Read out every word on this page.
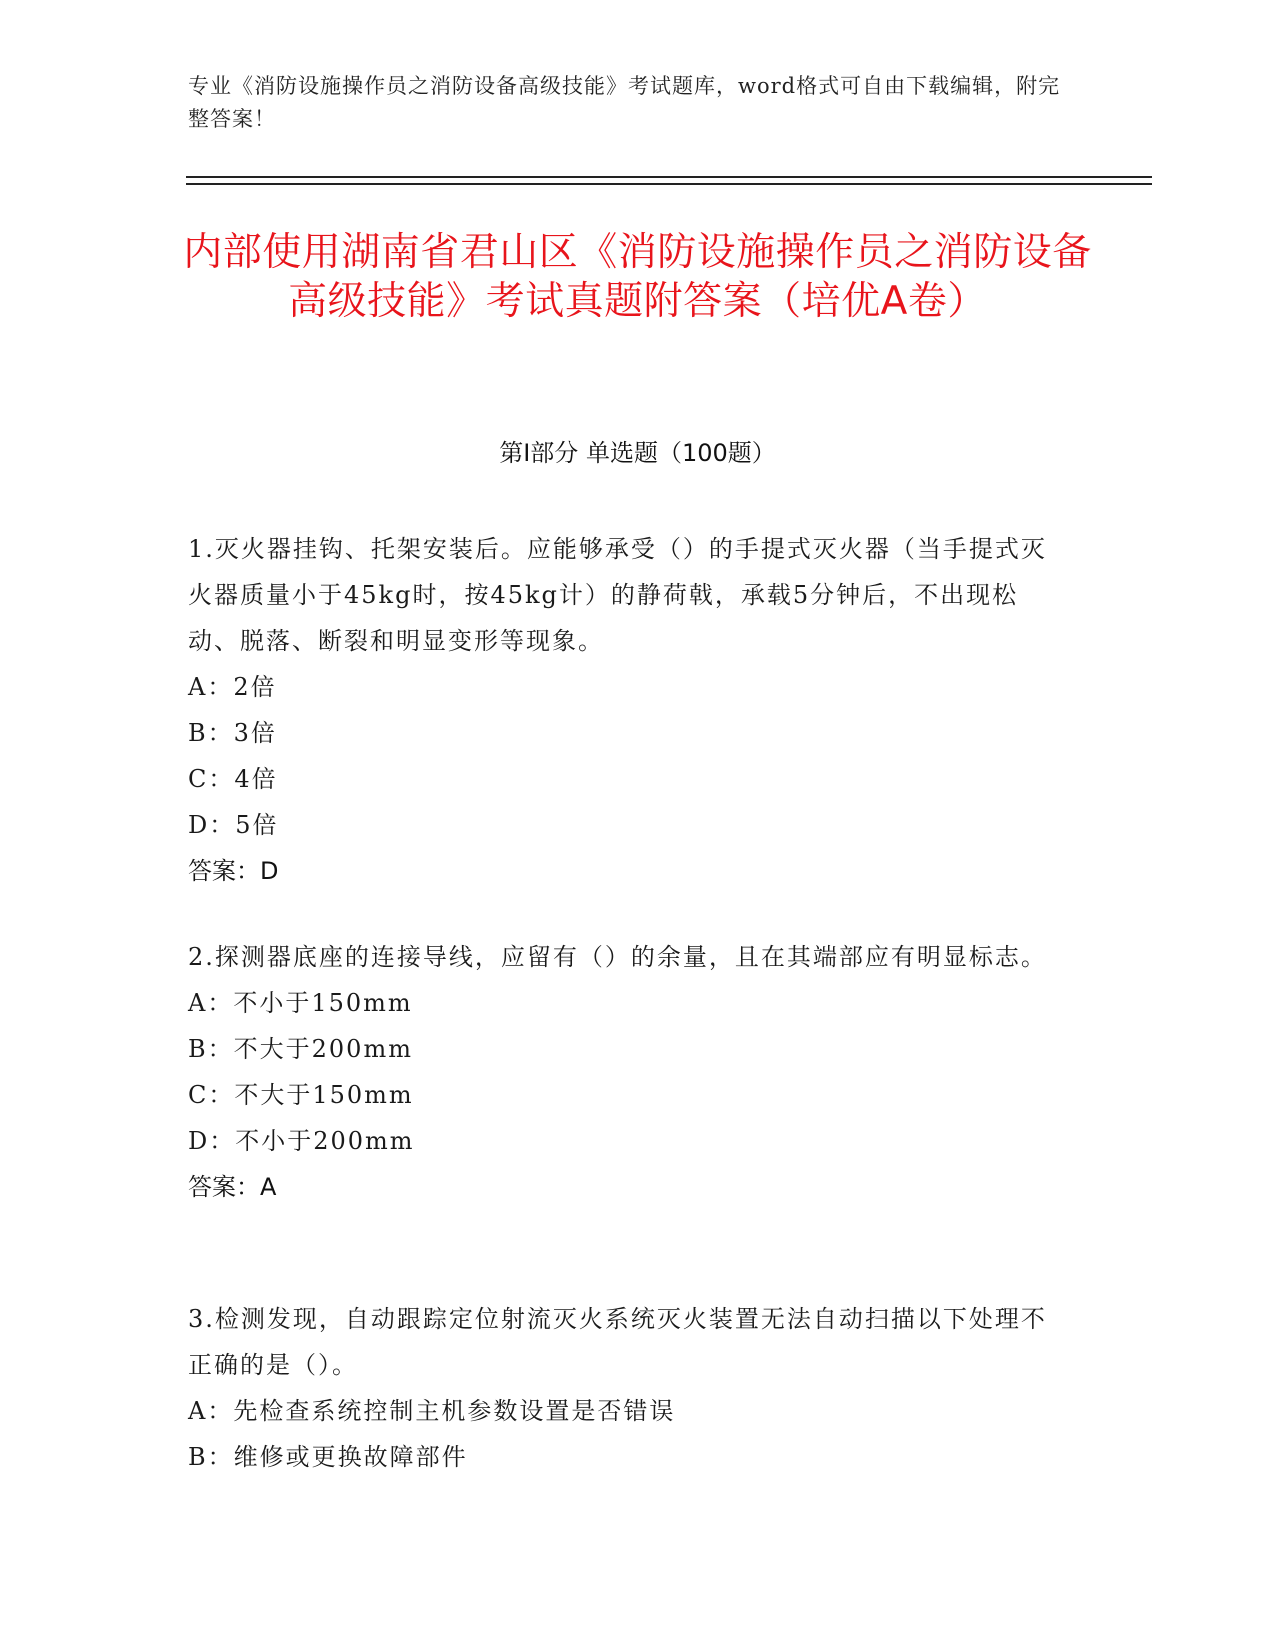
专业《消防设施操作员之消防设备高级技能》考试题库，word格式可自由下载编辑，附完整答案！
内部使用湖南省君山区《消防设施操作员之消防设备高级技能》考试真题附答案（培优A卷）
第I部分 单选题（100题）

1.灭火器挂钩、托架安装后。应能够承受（）的手提式灭火器（当手提式灭火器质量小于45kg时，按45kg计）的静荷戟，承载5分钟后，不出现松动、脱落、断裂和明显变形等现象。

A：2倍

B：3倍

C：4倍

D：5倍

答案：D

2.探测器底座的连接导线，应留有（）的余量，且在其端部应有明显标志。

A：不小于150mm

B：不大于200mm

C：不大于150mm

D：不小于200mm

答案：A

3.检测发现，自动跟踪定位射流灭火系统灭火装置无法自动扫描以下处理不正确的是（）。

A：先检查系统控制主机参数设置是否错误

B：维修或更换故障部件
